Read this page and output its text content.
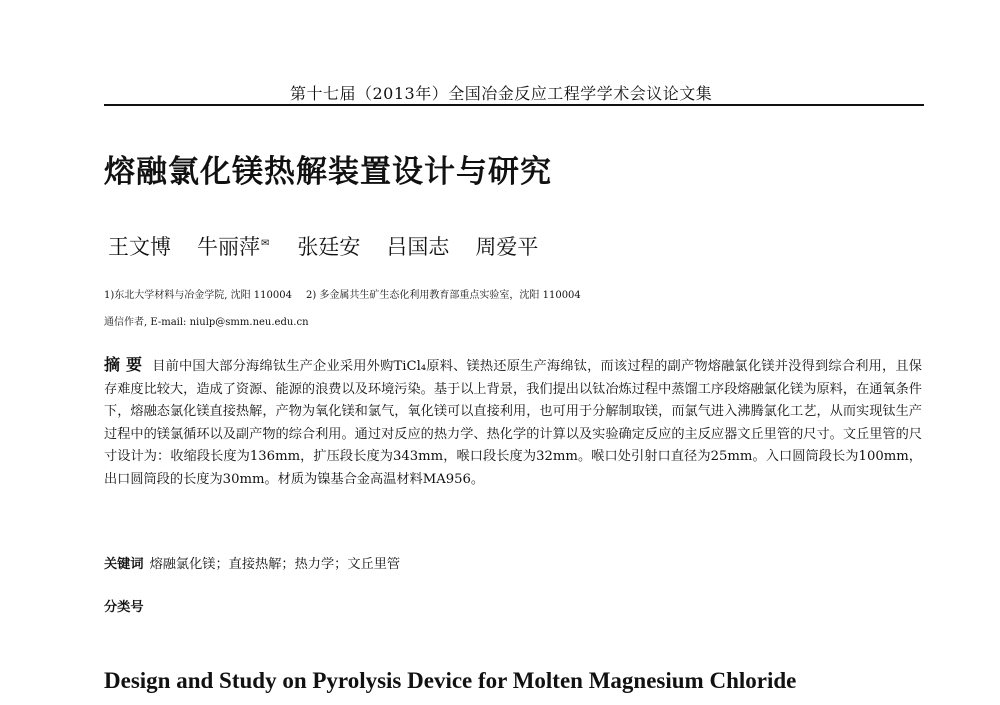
第十七届（2013年）全国冶金反应工程学学术会议论文集
熔融氯化镁热解装置设计与研究
王文博 牛丽萍✉ 张廷安 吕国志 周爱平
1)东北大学材料与冶金学院, 沈阳 110004 2) 多金属共生矿生态化利用教育部重点实验室，沈阳 110004
通信作者, E-mail: niulp@smm.neu.edu.cn
摘 要 目前中国大部分海绵钛生产企业采用外购TiCl₄原料、镁热还原生产海绵钛，而该过程的副产物熔融氯化镁并没得到综合利用，且保存难度比较大，造成了资源、能源的浪费以及环境污染。基于以上背景，我们提出以钛冶炼过程中蒸馏工序段熔融氯化镁为原料，在通氧条件下，熔融态氯化镁直接热解，产物为氧化镁和氯气，氧化镁可以直接利用，也可用于分解制取镁，而氯气进入沸腾氯化工艺，从而实现钛生产过程中的镁氯循环以及副产物的综合利用。通过对反应的热力学、热化学的计算以及实验确定反应的主反应器文丘里管的尺寸。文丘里管的尺寸设计为：收缩段长度为136mm，扩压段长度为343mm，喉口段长度为32mm。喉口处引射口直径为25mm。入口圆筒段长为100mm，出口圆筒段的长度为30mm。材质为镍基合金高温材料MA956。
关键词 熔融氯化镁；直接热解；热力学；文丘里管
分类号
Design and Study on Pyrolysis Device for Molten Magnesium Chloride
